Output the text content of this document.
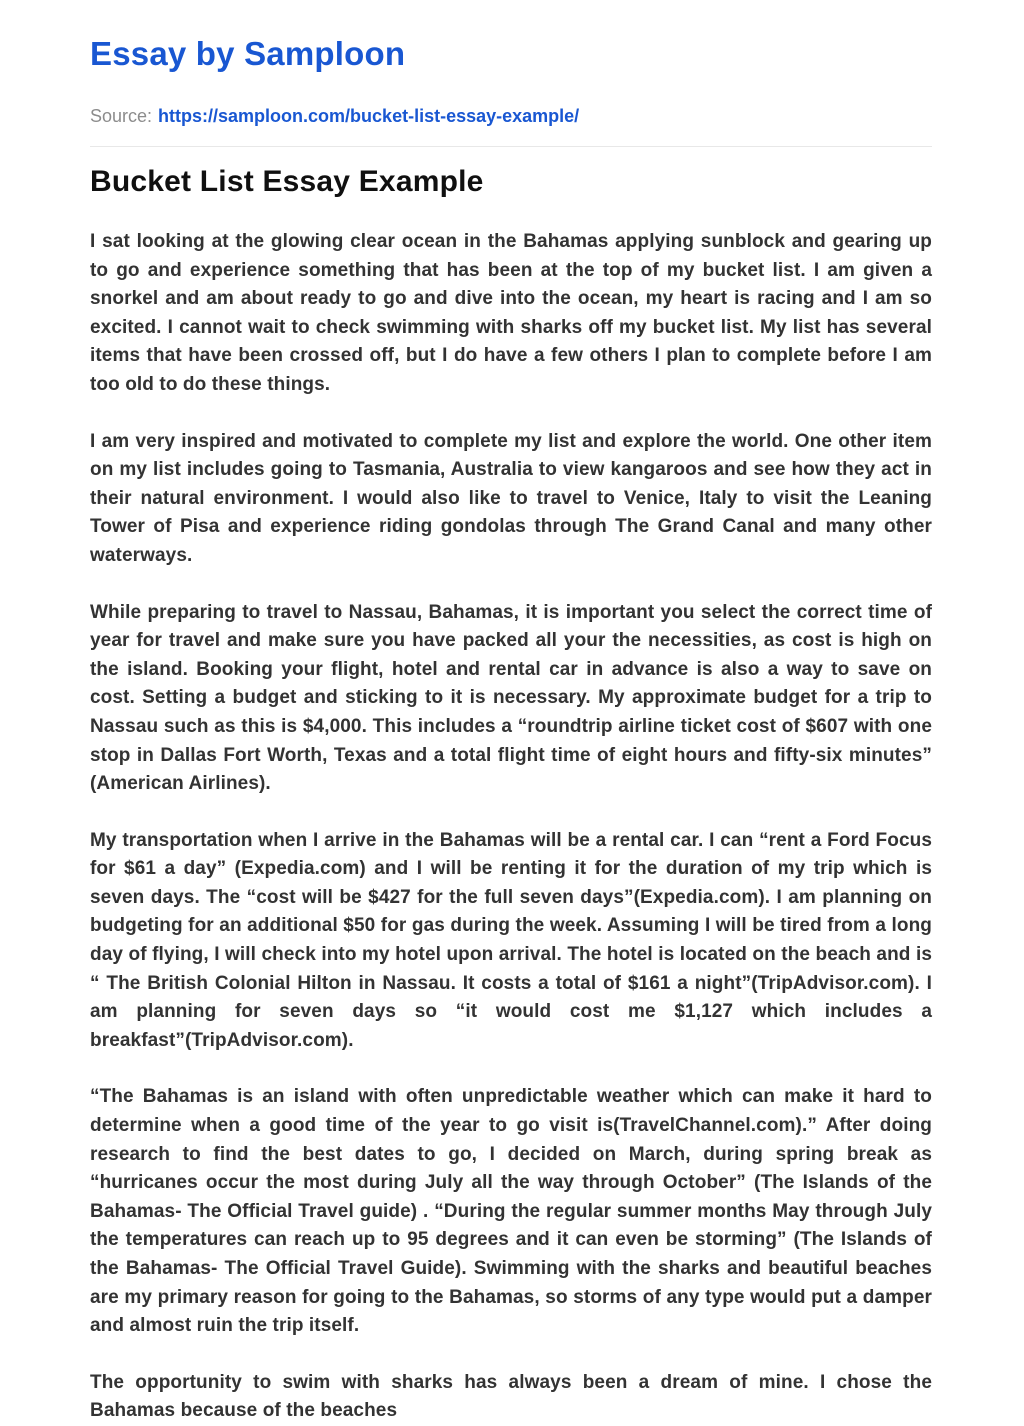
Essay by Samploon
Source: https://samploon.com/bucket-list-essay-example/
Bucket List Essay Example

I sat looking at the glowing clear ocean in the Bahamas applying sunblock and gearing up to go and experience something that has been at the top of my bucket list. I am given a snorkel and am about ready to go and dive into the ocean, my heart is racing and I am so excited. I cannot wait to check swimming with sharks off my bucket list. My list has several items that have been crossed off, but I do have a few others I plan to complete before I am too old to do these things.

I am very inspired and motivated to complete my list and explore the world. One other item on my list includes going to Tasmania, Australia to view kangaroos and see how they act in their natural environment. I would also like to travel to Venice, Italy to visit the Leaning Tower of Pisa and experience riding gondolas through The Grand Canal and many other waterways.

While preparing to travel to Nassau, Bahamas, it is important you select the correct time of year for travel and make sure you have packed all your the necessities, as cost is high on the island. Booking your flight, hotel and rental car in advance is also a way to save on cost. Setting a budget and sticking to it is necessary. My approximate budget for a trip to Nassau such as this is $4,000. This includes a “roundtrip airline ticket cost of $607 with one stop in Dallas Fort Worth, Texas and a total flight time of eight hours and fifty-six minutes” (American Airlines).

My transportation when I arrive in the Bahamas will be a rental car. I can “rent a Ford Focus for $61 a day” (Expedia.com) and I will be renting it for the duration of my trip which is seven days. The “cost will be $427 for the full seven days”(Expedia.com). I am planning on budgeting for an additional $50 for gas during the week. Assuming I will be tired from a long day of flying, I will check into my hotel upon arrival. The hotel is located on the beach and is “ The British Colonial Hilton in Nassau. It costs a total of $161 a night”(TripAdvisor.com). I am planning for seven days so “it would cost me $1,127 which includes a breakfast”(TripAdvisor.com).

“The Bahamas is an island with often unpredictable weather which can make it hard to determine when a good time of the year to go visit is(TravelChannel.com).” After doing research to find the best dates to go, I decided on March, during spring break as “hurricanes occur the most during July all the way through October” (The Islands of the Bahamas- The Official Travel guide) . “During the regular summer months May through July the temperatures can reach up to 95 degrees and it can even be storming” (The Islands of the Bahamas- The Official Travel Guide). Swimming with the sharks and beautiful beaches are my primary reason for going to the Bahamas, so storms of any type would put a damper and almost ruin the trip itself.

The opportunity to swim with sharks has always been a dream of mine. I chose the Bahamas because of the beaches
